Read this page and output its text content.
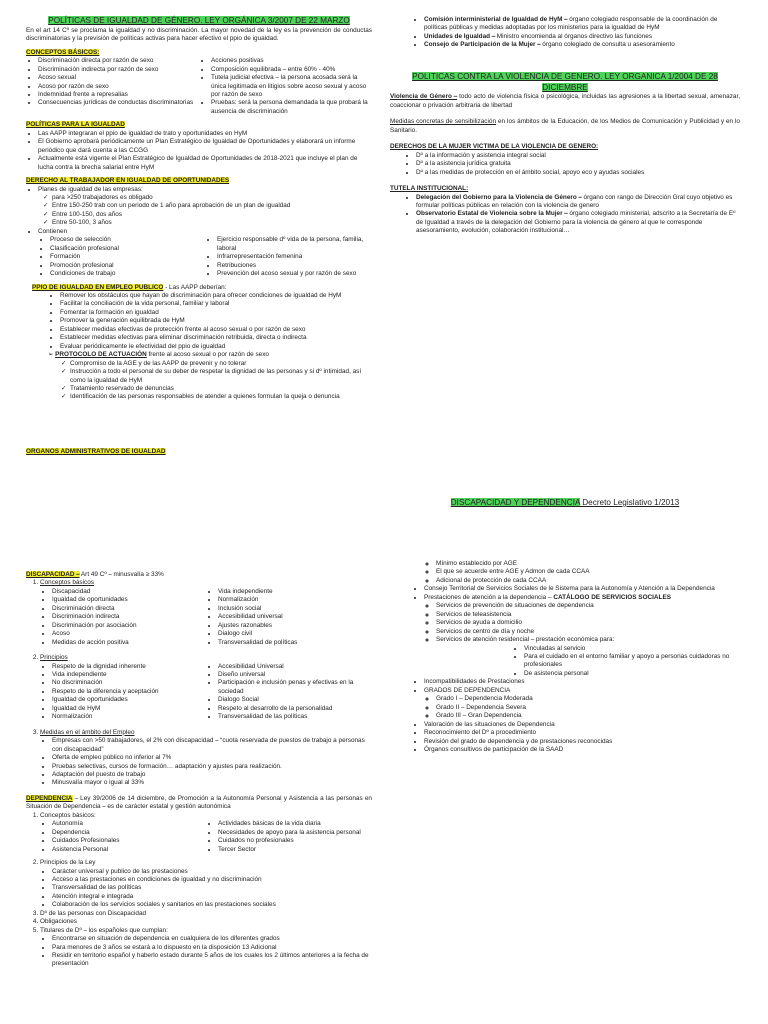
POLÍTICAS DE IGUALDAD DE GÉNERO. LEY ORGÁNICA 3/2007 DE 22 MARZO

En el art 14 Cº se proclama la igualdad y no discriminación. La mayor novedad de la ley es la prevención de conductas discriminatorias y la previsión de políticas activas para hacer efectivo el ppio de igualdad.

CONCEPTOS BÁSICOS:
• Discriminación directa por razón de sexo
• Discriminación indirecta por razón de sexo
• Acoso sexual
• Acoso por razón de sexo
• Indemnidad frente a represalias
• Consecuencias jurídicas de conductas discriminatorias
• Acciones positivas
• Composición equilibrada ⎯ entre 60% - 40%
• Tutela judicial efectiva – la persona acosada será la única legitimada en litigios sobre acoso sexual y acoso por razón de sexo
• Pruebas: será la persona demandada la que probará la ausencia de discriminación
POLÍTICAS PARA LA IGUALDAD
• Las AAPP integraran el ppio de igualdad de trato y oportunidades en HyM
• El Gobierno aprobará periódicamente un Plan Estratégico de Igualdad de Oportunidades y elaborará un informe periódico que dará cuenta a las CCGG
• Actualmente está vigente el Plan Estratégico de Igualdad de Oportunidades de 2018-2021 que incluye el plan de lucha contra la brecha salarial entre HyM
DERECHO AL TRABAJADOR EN IGUALDAD DE OPORTUNIDADES
• Planes de igualdad de las empresas:
✓ para >250 trabajadores es obligado
✓ Entre 150-250 trab con un periodo de 1 año para aprobación de un plan de igualdad
✓ Entre 100-150, dos años
✓ Entre 50-100, 3 años
• Contienen
• Proceso de selección
• Clasificación profesional
• Formación
• Promoción profesional
• Condiciones de trabajo
• Ejercicio responsable dº vida de la persona, familia, laboral
• Infrarrepresentación femenina
• Retribuciones
• Prevención del acoso sexual y por razón de sexo
PPIO DE IGUALDAD EN EMPLEO PUBLICO - Las AAPP deberían:
• Remover los obstáculos que hayan de discriminación para ofrecer condiciones de igualdad de HyM
• Facilitar la conciliación de la vida personal, familiar y laboral
• Fomentar la formación en igualdad
• Promover la generación equilibrada de HyM
• Establecer medidas efectivas de protección frente al acoso sexual o por razón de sexo
• Establecer medidas efectivas para eliminar discriminación retribuida, directa o indirecta
• Evaluar periódicamente le efectividad del ppio de igualdad
➢ PROTOCOLO DE ACTUACIÓN frente al acoso sexual o por razón de sexo
✓ Compromiso de la AGE y de las AAPP de prevenir y no tolerar
✓ Instrucción a todo el personal de su deber de respetar la dignidad de las personas y si dº intimidad, así como la igualdad de HyM
✓ Tratamiento reservado de denuncias
✓ Identificación de las personas responsables de atender a quienes formulan la queja o denuncia
ORGANOS ADMINISTRATIVOS DE IGUALDAD
• Comisión interministerial de Igualdad de HyM ⎯ órgano colegiado responsable de la coordinación de políticas públicas y medidas adoptadas por los ministerios para la igualdad de HyM
• Unidades de Igualdad ⎯ Ministro encomienda al órganos directivo las funciones
• Consejo de Participación de la Mujer ⎯ órgano colegiado de consulta u asesoramiento
POLITICAS CONTRA LA VIOLENCIA DE GENERO. LEY ORGANICA 1/2004 DE 28 DICIEMBRE

Violencia de Género ⎯ todo acto de violencia física o psicológica, incluidas las agresiones a la libertad sexual, amenazar, coaccionar o privación arbitraria de libertad

Medidas concretas de sensibilización en los ámbitos de la Educación, de los Medios de Comunicación y Publicidad y en lo Sanitario.

DERECHOS DE LA MUJER VICTIMA DE LA VIOLENCIA DE GENERO:
• Dº a la información y asistencia integral social
• Dº a la asistencia jurídica gratuita
• Dº a las medidas de protección en el ámbito social, apoyo eco y ayudas sociales
TUTELA INSTITUCIONAL:
• Delegación del Gobierno para la Violencia de Género ⎯ órgano con rango de Dirección Gral cuyo objetivo es formular políticas públicas en relación con la violencia de genero
• Observatorio Estatal de Violencia sobre la Mujer ⎯ órgano colegiado ministerial, adscrito a la Secretaría de Eº de Igualdad a través de la delegación del Gobierno para la violencia de género al que le corresponde asesoramiento, evolución, colaboración institucional…
DISCAPACIDAD Y DEPENDENCIA Decreto Legislativo 1/2013
DISCAPACIDAD ⎯ Art 49 Cº ⎯ minusvalía ≥ 33%
1. Conceptos básicos
• Discapacidad
• Igualdad de oportunidades
• Discriminación directa
• Discriminación indirecta
• Discriminación por asociación
• Acoso
• Medidas de acción positiva
• Vida independiente
• Normalización
• Inclusión social
• Accesibilidad universal
• Ajustes razonables
• Dialogo civil
• Transversalidad de políticas
2. Principios
• Respeto de la dignidad inherente
• Vida independiente
• No discriminación
• Respeto de la diferencia y aceptación
• Igualdad de oportunidades
• Igualdad de HyM
• Normalización
• Accesibilidad Universal
• Diseño universal
• Participación e inclusión penas y efectivas en la sociedad
• Dialogo Social
• Respeto al desarrollo de la personalidad
• Transversalidad de las políticas
3. Medidas en el ámbito del Empleo
• Empresas con >50 trabajadores, el 2% con discapacidad ⎯ “cuota reservada de puestos de trabajo a personas con discapacidad”
• Oferta de empleo público no inferior al 7%
• Pruebas selectivas, cursos de formación… adaptación y ajustes para realización.
• Adaptación del puesto de trabajo
• Minusvalía mayor o igual al 33%

DEPENDENCIA ⎯ Ley 39/2006 de 14 diciembre, de Promoción a la Autonomía Personal y Asistencia a las personas en Situación de Dependencia ⎯ es de carácter estatal y gestión autonómica

1. Conceptos básicos:
• Autonomía
• Dependencia
• Cuidados Profesionales
• Asistencia Personal
• Actividades básicas de la vida diaria
• Necesidades de apoyo para la asistencia personal
• Cuidados no profesionales
• Tercer Sector
2. Principios de la Ley
• Carácter universal y publico de las prestaciones
• Acceso a las prestaciones en condiciones de igualdad y no discriminación
• Transversalidad de las políticas
• Atención integral e integrada
• Colaboración de los servicios sociales y sanitarios en las prestaciones sociales
3. Dº de las personas con Discapacidad
4. Obligaciones
5. Titulares de Dº ⎯ los españoles que cumplan:
• Encontrarse en situación de dependencia en cualquiera de los diferentes grados
• Para menores de 3 años se estará a lo dispuesto en la disposición 13 Adicional
• Residir en territorio español y haberlo estado durante 5 años de los cuales los 2 últimos anteriores a la fecha de presentación
◦ Mínimo establecido por AGE
◦ El que se acuerde entre AGE y Admon de cada CCAA
◦ Adicional de protección de cada CCAA
• Consejo Territorial de Servicios Sociales de le Sistema para la Autonomía y Atención a la Dependencia
• Prestaciones de atención a la dependencia – CATÁLOGO DE SERVICIOS SOCIALES
◦ Servicios de prevención de situaciones de dependencia
◦ Servicios de teleasistencia
◦ Servicios de ayuda a domicilio
◦ Servicios de centro de día y noche
◦ Servicios de atención residencial ⎯ prestación económica para:
• Vinculadas al servicio
• Para el cuidado en el entorno familiar y apoyo a personas cuidadoras no profesionales
• De asistencia personal
• Incompatibilidades de Prestaciones
• GRADOS DE DEPENDENCIA
◦ Grado I – Dependencia Moderada
◦ Grado II – Dependencia Severa
◦ Grado III – Gran Dependencia
• Valoración de las situaciones de Dependencia
• Reconocimiento del Dº a procedimiento
• Revisión del grado de dependencia y de prestaciones reconocidas
• Órganos consultivos de participación de la SAAD
